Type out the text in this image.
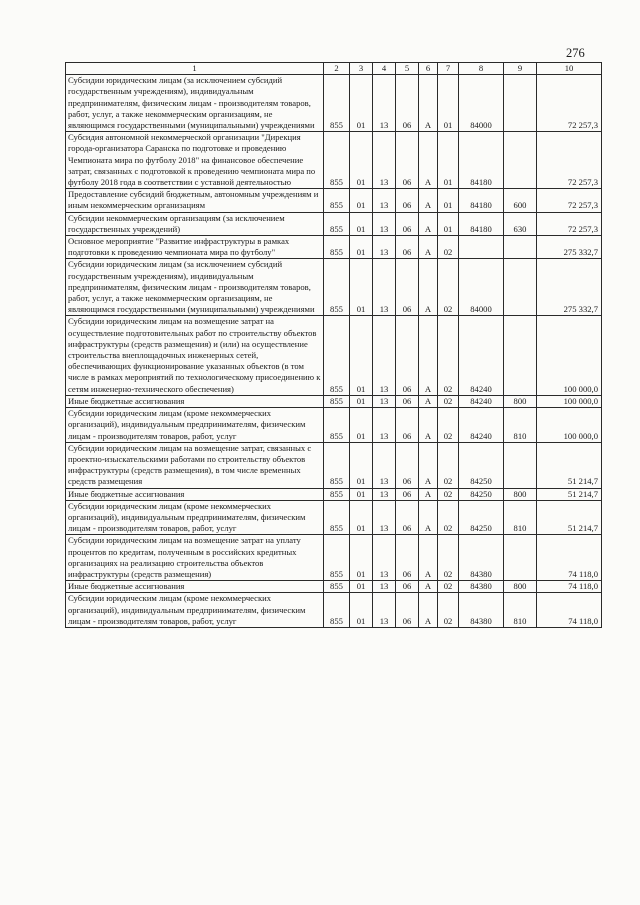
276
1	2	3	4	5	6	7	8	9	10
Субсидии юридическим лицам (за исключением субсидий государственным учреждениям), индивидуальным предпринимателям, физическим лицам - производителям товаров, работ, услуг, а также некоммерческим организациям, не являющимся государственными (муниципальными) учреждениями	855	01	13	06	А	01	84000		72 257,3
Субсидия автономной некоммерческой организации "Дирекция города-организатора Саранска по подготовке и проведению Чемпионата мира по футболу 2018" на финансовое обеспечение затрат, связанных с подготовкой к проведению чемпионата мира по футболу 2018 года в соответствии с уставной деятельностью	855	01	13	06	А	01	84180		72 257,3
Предоставление субсидий бюджетным, автономным учреждениям и иным некоммерческим организациям	855	01	13	06	А	01	84180	600	72 257,3
Субсидии некоммерческим организациям (за исключением государственных учреждений)	855	01	13	06	А	01	84180	630	72 257,3
Основное мероприятие "Развитие инфраструктуры в рамках подготовки к проведению чемпионата мира по футболу"	855	01	13	06	А	02			275 332,7
Субсидии юридическим лицам (за исключением субсидий государственным учреждениям), индивидуальным предпринимателям, физическим лицам - производителям товаров, работ, услуг, а также некоммерческим организациям, не являющимся государственными (муниципальными) учреждениями	855	01	13	06	А	02	84000		275 332,7
Субсидии юридическим лицам на возмещение затрат на осуществление подготовительных работ по строительству объектов инфраструктуры (средств размещения) и (или) на осуществление строительства внеплощадочных инженерных сетей, обеспечивающих функционирование указанных объектов (в том числе в рамках мероприятий по технологическому присоединению к сетям инженерно-технического обеспечения)	855	01	13	06	А	02	84240		100 000,0
Иные бюджетные ассигнования	855	01	13	06	А	02	84240	800	100 000,0
Субсидии юридическим лицам (кроме некоммерческих организаций), индивидуальным предпринимателям, физическим лицам - производителям товаров, работ, услуг	855	01	13	06	А	02	84240	810	100 000,0
Субсидии юридическим лицам на возмещение затрат, связанных с проектно-изыскательскими работами по строительству объектов инфраструктуры (средств размещения), в том числе временных средств размещения	855	01	13	06	А	02	84250		51 214,7
Иные бюджетные ассигнования	855	01	13	06	А	02	84250	800	51 214,7
Субсидии юридическим лицам (кроме некоммерческих организаций), индивидуальным предпринимателям, физическим лицам - производителям товаров, работ, услуг	855	01	13	06	А	02	84250	810	51 214,7
Субсидии юридическим лицам на возмещение затрат на уплату процентов по кредитам, полученным в российских кредитных организациях на реализацию строительства объектов инфраструктуры (средств размещения)	855	01	13	06	А	02	84380		74 118,0
Иные бюджетные ассигнования	855	01	13	06	А	02	84380	800	74 118,0
Субсидии юридическим лицам (кроме некоммерческих организаций), индивидуальным предпринимателям, физическим лицам - производителям товаров, работ, услуг	855	01	13	06	А	02	84380	810	74 118,0
